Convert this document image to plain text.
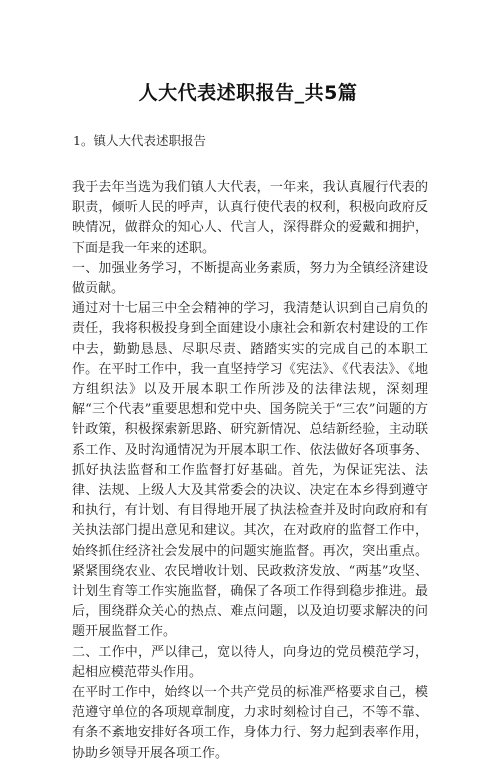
人大代表述职报告_共5篇
1。镇人大代表述职报告

我于去年当选为我们镇人大代表，一年来，我认真履行代表的职责，倾听人民的呼声，认真行使代表的权利，积极向政府反映情况，做群众的知心人、代言人，深得群众的爱戴和拥护，下面是我一年来的述职。

一、加强业务学习，不断提高业务素质，努力为全镇经济建设做贡献。

通过对十七届三中全会精神的学习，我清楚认识到自己肩负的责任，我将积极投身到全面建设小康社会和新农村建设的工作中去，勤勤恳恳、尽职尽责、踏踏实实的完成自己的本职工作。在平时工作中，我一直坚持学习《宪法》、《代表法》、《地方组织法》以及开展本职工作所涉及的法律法规，深刻理解“三个代表”重要思想和党中央、国务院关于“三农”问题的方针政策，积极探索新思路、研究新情况、总结新经验，主动联系工作、及时沟通情况为开展本职工作、依法做好各项事务、抓好执法监督和工作监督打好基础。首先，为保证宪法、法律、法规、上级人大及其常委会的决议、决定在本乡得到遵守和执行，有计划、有目得地开展了执法检查并及时向政府和有关执法部门提出意见和建议。其次，在对政府的监督工作中，始终抓住经济社会发展中的问题实施监督。再次，突出重点。紧紧围绕农业、农民增收计划、民政救济发放、“两基”攻坚、计划生育等工作实施监督，确保了各项工作得到稳步推进。最后，围绕群众关心的热点、难点问题，以及迫切要求解决的问题开展监督工作。

二、工作中，严以律己，宽以待人，向身边的党员模范学习，起相应模范带头作用。

在平时工作中，始终以一个共产党员的标准严格要求自己，模范遵守单位的各项规章制度，力求时刻检讨自己，不等不靠、有条不紊地安排好各项工作，身体力行、努力起到表率作用，协助乡领导开展各项工作。
